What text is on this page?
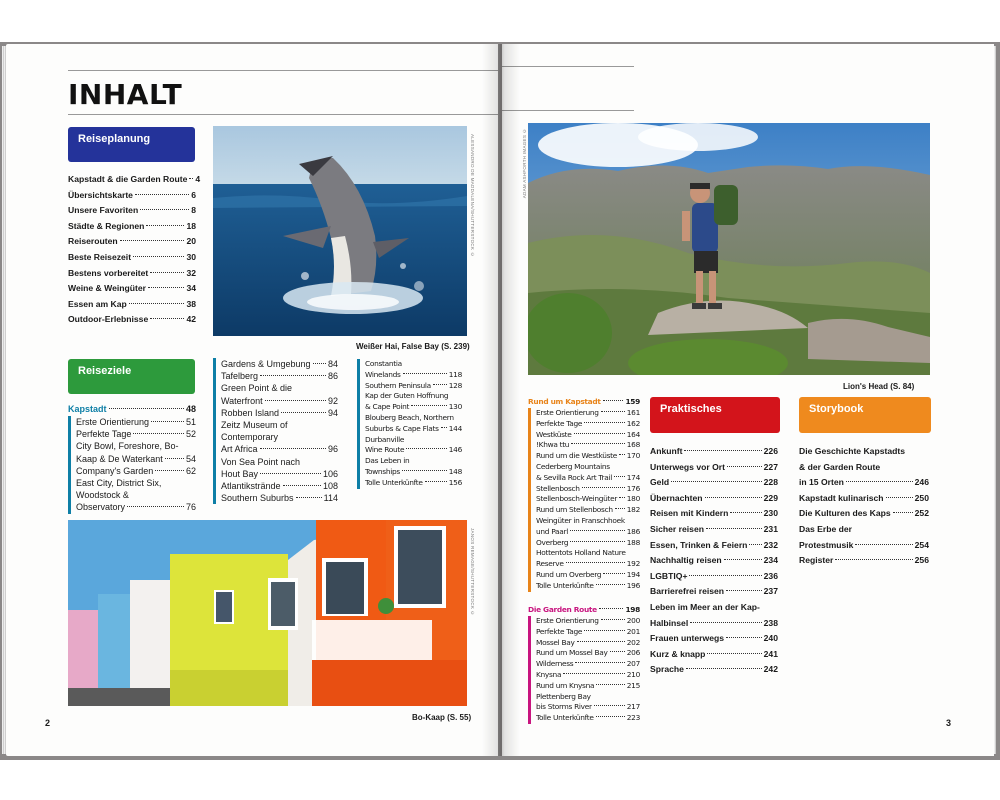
INHALT
Reiseplanung
Kapstadt & die Garden Route 4
Übersichtskarte	6
Unsere Favoriten	8
Städte & Regionen	18
Reiserouten	20
Beste Reisezeit	30
Bestens vorbereitet	32
Weine & Weingüter	34
Essen am Kap	38
Outdoor-Erlebnisse	42
Reiseziele
Kapstadt	48
Erste Orientierung	51
Perfekte Tage	52
City Bowl, Foreshore, Bo-
Kaap & De Waterkant	54
Company's Garden	62
East City, District Six,
Woodstock &
Observatory	76
Gardens & Umgebung 84
Tafelberg	86
Green Point & die
Waterfront	92
Robben Island	94
Zeitz Museum of
Contemporary
Art Africa	96
Von Sea Point nach
Hout Bay	106
Atlantikstrände	108
Southern Suburbs	114
Constantia
Winelands	118
Southern Peninsula 128
Kap der Guten Hoffnung
& Cape Point	130
Blouberg Beach, Northern
Suburbs & Cape Flats 144
Durbanville
Wine Route	146
Das Leben in
Townships	148
Tolle Unterkünfte	156
ALESSANDRO DE MADDALENA/SHUTTERSTOCK ©
Weißer Hai, False Bay (S. 239)
JANOS REMAGE/SHUTTERSTOCK ©
Bo-Kaap (S. 55)
2
ADAM ASHFORTH IMAGES ©
Lion's Head (S. 84)
Rund um Kapstadt	159
Erste Orientierung	161
Perfekte Tage	162
Westküste	164
!Khwa ttu	168
Rund um die Westküste 170
Cederberg Mountains
& Sevilla Rock Art Trail 174
Stellenbosch	176
Stellenbosch-Weingüter 180
Rund um Stellenbosch 182
Weingüter in Franschhoek
und Paarl	186
Overberg	188
Hottentots Holland Nature
Reserve	192
Rund um Overberg	194
Tolle Unterkünfte	196
Die Garden Route	198
Erste Orientierung	200
Perfekte Tage	201
Mossel Bay	202
Rund um Mossel Bay	206
Wilderness	207
Knysna	210
Rund um Knysna	215
Plettenberg Bay
bis Storms River	217
Tolle Unterkünfte	223
Praktisches
Ankunft	226
Unterwegs vor Ort	227
Geld	228
Übernachten	229
Reisen mit Kindern	230
Sicher reisen	231
Essen, Trinken & Feiern 232
Nachhaltig reisen	234
LGBTIQ+	236
Barrierefrei reisen	237
Leben im Meer an der Kap-
Halbinsel	238
Frauen unterwegs	240
Kurz & knapp	241
Sprache	242
Storybook
Die Geschichte Kapstadts
& der Garden Route
in 15 Orten	246
Kapstadt kulinarisch	250
Die Kulturen des Kaps	252
Das Erbe der
Protestmusik	254
Register	256
3
